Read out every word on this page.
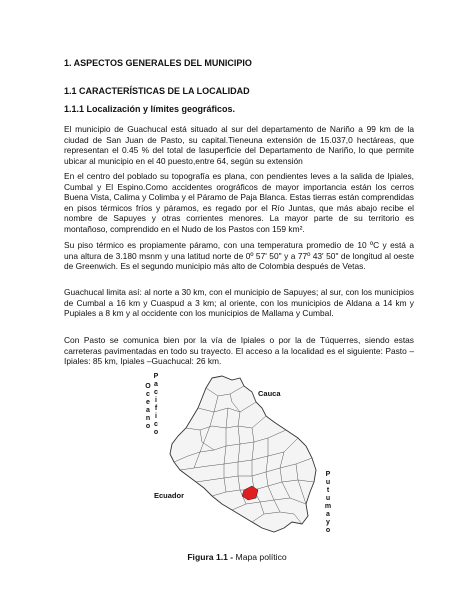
1. ASPECTOS GENERALES DEL MUNICIPIO

1.1 CARACTERÍSTICAS DE LA LOCALIDAD

1.1.1 Localización y límites geográficos.

El municipio de Guachucal está situado al sur del departamento de Nariño a 99 km de la ciudad de San Juan de Pasto, su capital.Tieneuna extensión de 15.037,0 hectáreas, que representan el 0.45 % del total de lasuperficie del Departamento de Nariño, lo que permite ubicar al municipio en el 40 puesto,entre 64, según su extensión

En el centro del poblado su topografía es plana, con pendientes leves a la salida de Ipiales, Cumbal y El Espino.Como accidentes orográficos de mayor importancia están los cerros Buena Vista, Calima y Colimba y el Páramo de Paja Blanca. Estas tierras están comprendidas en pisos térmicos fríos y páramos, es regado por el Río Juntas, que más abajo recibe el nombre de Sapuyes y otras corrientes menores. La mayor parte de su territorio es montañoso, comprendido en el Nudo de los Pastos con 159 km².

Su piso térmico es propiamente páramo, con una temperatura promedio de 10 ºC y está a una altura de 3.180 msnm y una latitud norte de 0º 57' 50" y a 77º 43' 50" de longitud al oeste de Greenwich. Es el segundo municipio más alto de Colombia después de Vetas.

Guachucal limita así: al norte a 30 km, con el municipio de Sapuyes; al sur, con los municipios de Cumbal a 16 km y Cuaspud a 3 km; al oriente, con los municipios de Aldana a 14 km y Pupiales a 8 km y al occidente con los municipios de Mallama y Cumbal.

Con Pasto se comunica bien por la vía de Ipiales o por la de Túquerres, siendo estas carreteras pavimentadas en todo su trayecto. El acceso a la localidad es el siguiente: Pasto – Ipiales: 85 km, Ipiales –Guachucal: 26 km.

Cauca
Ecuador
O
c
e
a
n
o
P
a
c
i
f
i
c
o
P
u
t
u
m
a
y
o

Figura 1.1 - Mapa político
